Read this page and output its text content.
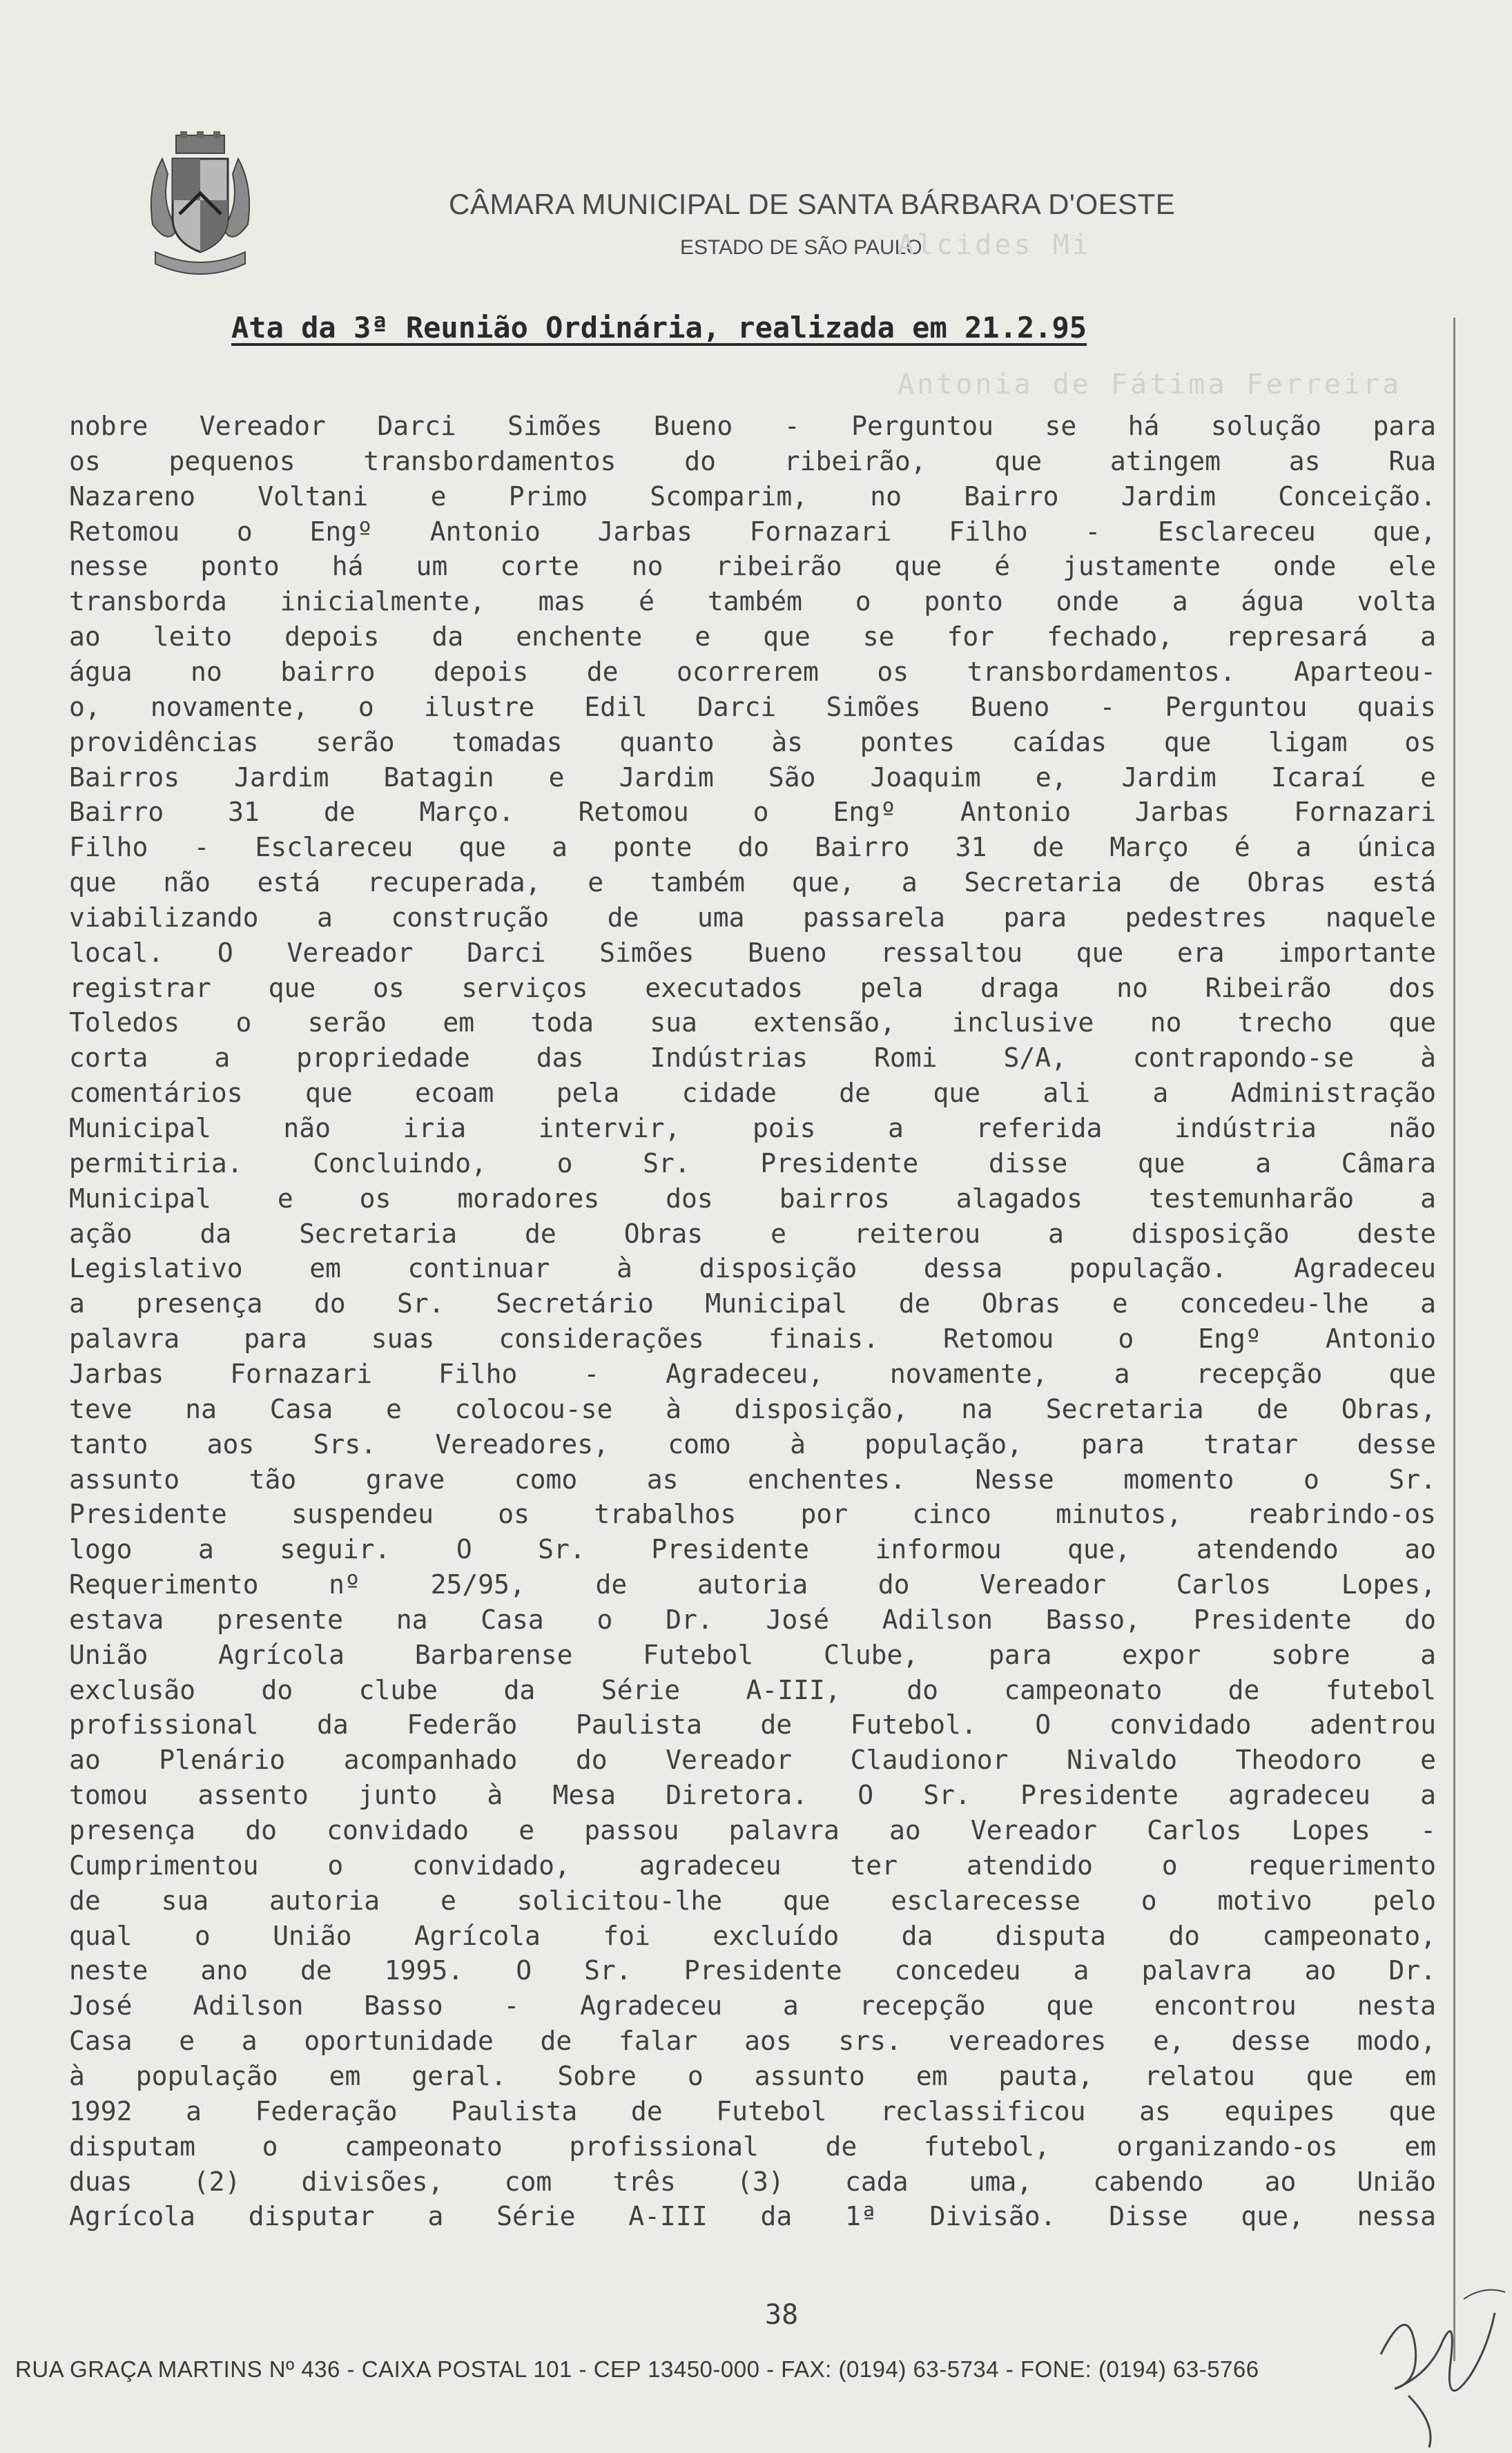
CÂMARA MUNICIPAL DE SANTA BÁRBARA D'OESTE
ESTADO DE SÃO PAULO
Alcides Mi
Antonia de Fátima Ferreira
Ata da 3ª Reunião Ordinária, realizada em 21.2.95
nobre Vereador Darci Simões Bueno - Perguntou se há solução para
os pequenos transbordamentos do ribeirão, que atingem as Rua
Nazareno Voltani e Primo Scomparim, no Bairro Jardim Conceição.
Retomou o Engº Antonio Jarbas Fornazari Filho - Esclareceu que,
nesse ponto há um corte no ribeirão que é justamente onde ele
transborda inicialmente, mas é também o ponto onde a água volta
ao leito depois da enchente e que se for fechado, represará a
água no bairro depois de ocorrerem os transbordamentos. Aparteou-
o, novamente, o ilustre Edil Darci Simões Bueno - Perguntou quais
providências serão tomadas quanto às pontes caídas que ligam os
Bairros Jardim Batagin e Jardim São Joaquim e, Jardim Icaraí e
Bairro 31 de Março. Retomou o Engº Antonio Jarbas Fornazari
Filho - Esclareceu que a ponte do Bairro 31 de Março é a única
que não está recuperada, e também que, a Secretaria de Obras está
viabilizando a construção de uma passarela para pedestres naquele
local. O Vereador Darci Simões Bueno ressaltou que era importante
registrar que os serviços executados pela draga no Ribeirão dos
Toledos o serão em toda sua extensão, inclusive no trecho que
corta a propriedade das Indústrias Romi S/A, contrapondo-se à
comentários que ecoam pela cidade de que ali a Administração
Municipal não iria intervir, pois a referida indústria não
permitiria. Concluindo, o Sr. Presidente disse que a Câmara
Municipal e os moradores dos bairros alagados testemunharão a
ação da Secretaria de Obras e reiterou a disposição deste
Legislativo em continuar à disposição dessa população. Agradeceu
a presença do Sr. Secretário Municipal de Obras e concedeu-lhe a
palavra para suas considerações finais. Retomou o Engº Antonio
Jarbas Fornazari Filho - Agradeceu, novamente, a recepção que
teve na Casa e colocou-se à disposição, na Secretaria de Obras,
tanto aos Srs. Vereadores, como à população, para tratar desse
assunto tão grave como as enchentes. Nesse momento o Sr.
Presidente suspendeu os trabalhos por cinco minutos, reabrindo-os
logo a seguir. O Sr. Presidente informou que, atendendo ao
Requerimento nº 25/95, de autoria do Vereador Carlos Lopes,
estava presente na Casa o Dr. José Adilson Basso, Presidente do
União Agrícola Barbarense Futebol Clube, para expor sobre a
exclusão do clube da Série A-III, do campeonato de futebol
profissional da Federão Paulista de Futebol. O convidado adentrou
ao Plenário acompanhado do Vereador Claudionor Nivaldo Theodoro e
tomou assento junto à Mesa Diretora. O Sr. Presidente agradeceu a
presença do convidado e passou palavra ao Vereador Carlos Lopes -
Cumprimentou o convidado, agradeceu ter atendido o requerimento
de sua autoria e solicitou-lhe que esclarecesse o motivo pelo
qual o União Agrícola foi excluído da disputa do campeonato,
neste ano de 1995. O Sr. Presidente concedeu a palavra ao Dr.
José Adilson Basso - Agradeceu a recepção que encontrou nesta
Casa e a oportunidade de falar aos srs. vereadores e, desse modo,
à população em geral. Sobre o assunto em pauta, relatou que em
1992 a Federação Paulista de Futebol reclassificou as equipes que
disputam o campeonato profissional de futebol, organizando-os em
duas (2) divisões, com três (3) cada uma, cabendo ao União
Agrícola disputar a Série A-III da 1ª Divisão. Disse que, nessa
38
RUA GRAÇA MARTINS Nº 436 - CAIXA POSTAL 101 - CEP 13450-000 - FAX: (0194) 63-5734 - FONE: (0194) 63-5766
